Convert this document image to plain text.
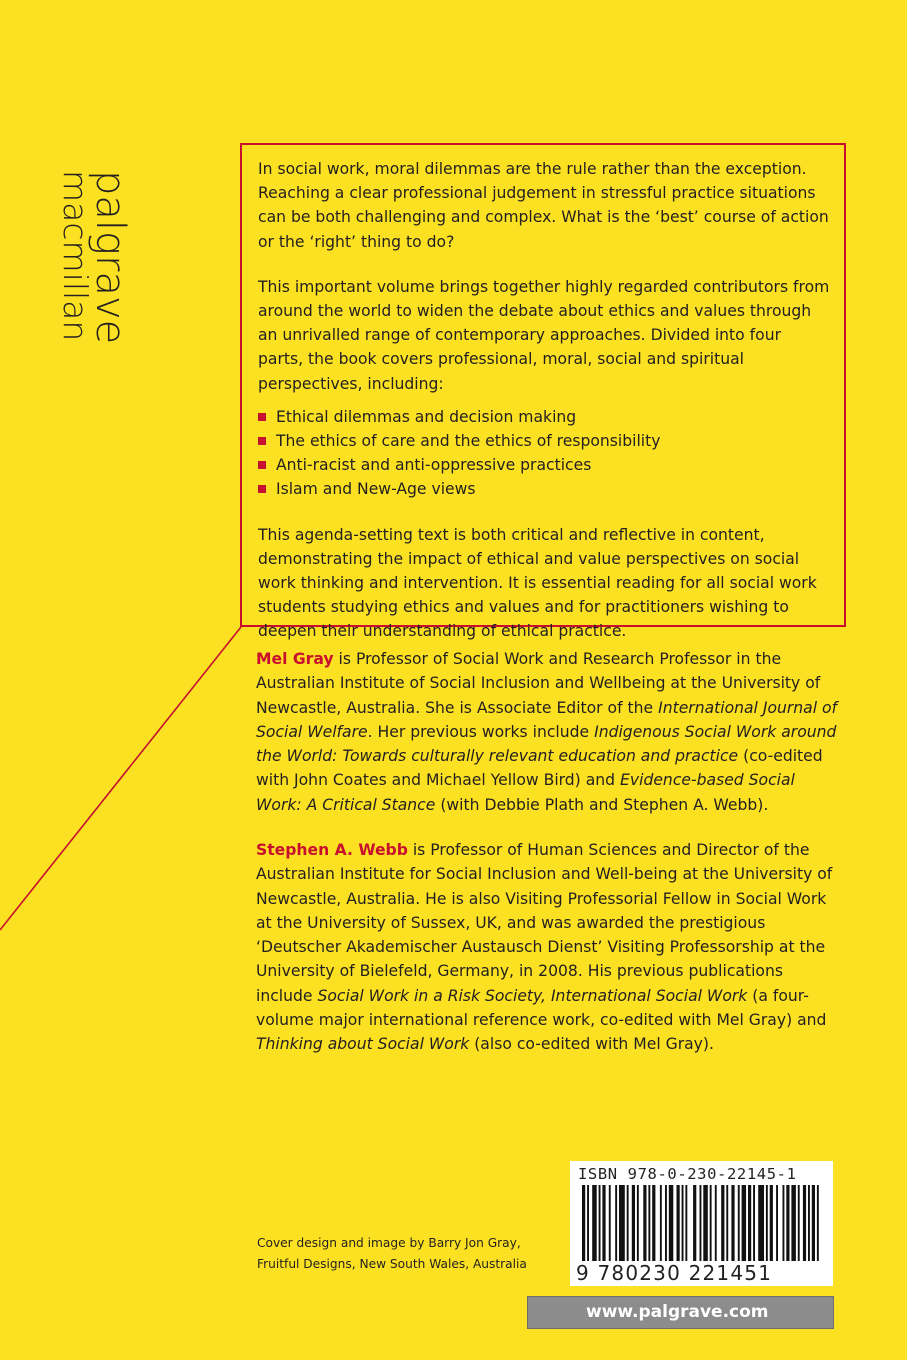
palgrave
macmillan

In social work, moral dilemmas are the rule rather than the exception. Reaching a clear professional judgement in stressful practice situations can be both challenging and complex. What is the ‘best’ course of action or the ‘right’ thing to do?

This important volume brings together highly regarded contributors from around the world to widen the debate about ethics and values through an unrivalled range of contemporary approaches. Divided into four parts, the book covers professional, moral, social and spiritual perspectives, including:

Ethical dilemmas and decision making
The ethics of care and the ethics of responsibility
Anti-racist and anti-oppressive practices
Islam and New-Age views

This agenda-setting text is both critical and reflective in content, demonstrating the impact of ethical and value perspectives on social work thinking and intervention. It is essential reading for all social work students studying ethics and values and for practitioners wishing to deepen their understanding of ethical practice.

Mel Gray is Professor of Social Work and Research Professor in the Australian Institute of Social Inclusion and Wellbeing at the University of Newcastle, Australia. She is Associate Editor of the International Journal of Social Welfare. Her previous works include Indigenous Social Work around the World: Towards culturally relevant education and practice (co-edited with John Coates and Michael Yellow Bird) and Evidence-based Social Work: A Critical Stance (with Debbie Plath and Stephen A. Webb).

Stephen A. Webb is Professor of Human Sciences and Director of the Australian Institute for Social Inclusion and Well-being at the University of Newcastle, Australia. He is also Visiting Professorial Fellow in Social Work at the University of Sussex, UK, and was awarded the prestigious ‘Deutscher Akademischer Austausch Dienst’ Visiting Professorship at the University of Bielefeld, Germany, in 2008. His previous publications include Social Work in a Risk Society, International Social Work (a four-volume major international reference work, co-edited with Mel Gray) and Thinking about Social Work (also co-edited with Mel Gray).

Cover design and image by Barry Jon Gray,
Fruitful Designs, New South Wales, Australia
ISBN 978-0-230-22145-1
9 780230 221451
www.palgrave.com
